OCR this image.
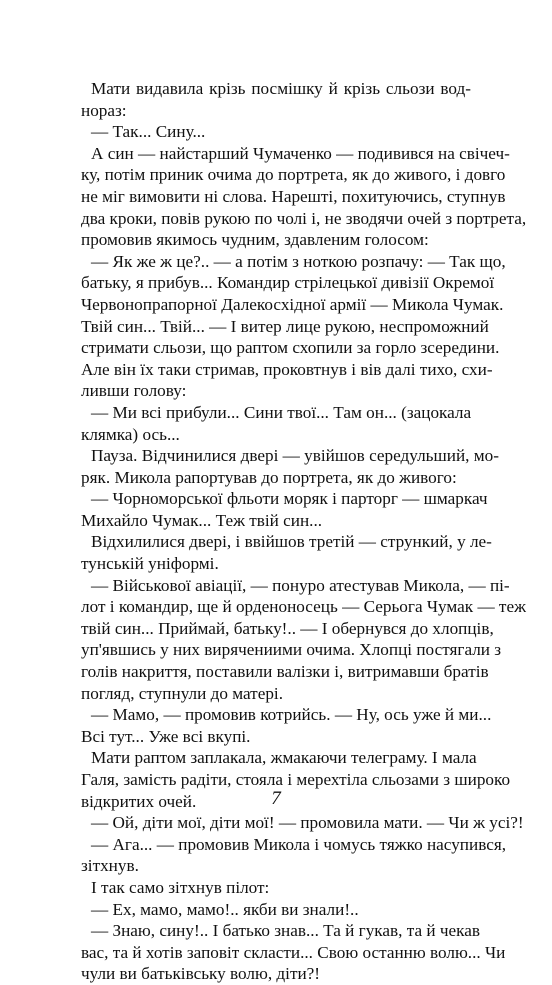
Мати видавила крізь посмішку й крізь сльози вод-
нораз:
— Так... Сину...
А син — найстарший Чумаченко — подивився на свічеч-
ку, потім приник очима до портрета, як до живого, і довго
не міг вимовити ні слова. Нарешті, похитуючись, ступнув
два кроки, повів рукою по чолі і, не зводячи очей з портрета,
промовив якимось чудним, здавленим голосом:
— Як же ж це?.. — а потім з ноткою розпачу: — Так що,
батьку, я прибув... Командир стрілецької дивізії Окремої
Червонопрапорної Далекосхідної армії — Микола Чумак.
Твій син... Твій... — І витер лице рукою, неспроможний
стримати сльози, що раптом схопили за горло зсередини.
Але він їх таки стримав, проковтнув і вів далі тихо, схи-
ливши голову:
— Ми всі прибули... Сини твої... Там он... (зацокала
клямка) ось...
Пауза. Відчинилися двері — увійшов середульший, мо-
ряк. Микола рапортував до портрета, як до живого:
— Чорноморської фльоти моряк і парторг — шмаркач
Михайло Чумак... Теж твій син...
Відхилилися двері, і ввійшов третій — стрункий, у ле-
тунській уніформі.
— Військової авіації, — понуро атестував Микола, — пі-
лот і командир, ще й орденоносець — Серьога Чумак — теж
твій син... Приймай, батьку!.. — І обернувся до хлопців,
уп'явшись у них вирячениими очима. Хлопці постягали з
голів накриття, поставили валізки і, витримавши братів
погляд, ступнули до матері.
— Мамо, — промовив котрийсь. — Ну, ось уже й ми...
Всі тут... Уже всі вкупі.
Мати раптом заплакала, жмакаючи телеграму. І мала
Галя, замість радіти, стояла і мерехтіла сльозами з широко
відкритих очей.
— Ой, діти мої, діти мої! — промовила мати. — Чи ж усі?!
— Ага... — промовив Микола і чомусь тяжко насупився,
зітхнув.
І так само зітхнув пілот:
— Ех, мамо, мамо!.. якби ви знали!..
— Знаю, сину!.. І батько знав... Та й гукав, та й чекав
вас, та й хотів заповіт скласти... Свою останню волю... Чи
чули ви батьківську волю, діти?!
7
